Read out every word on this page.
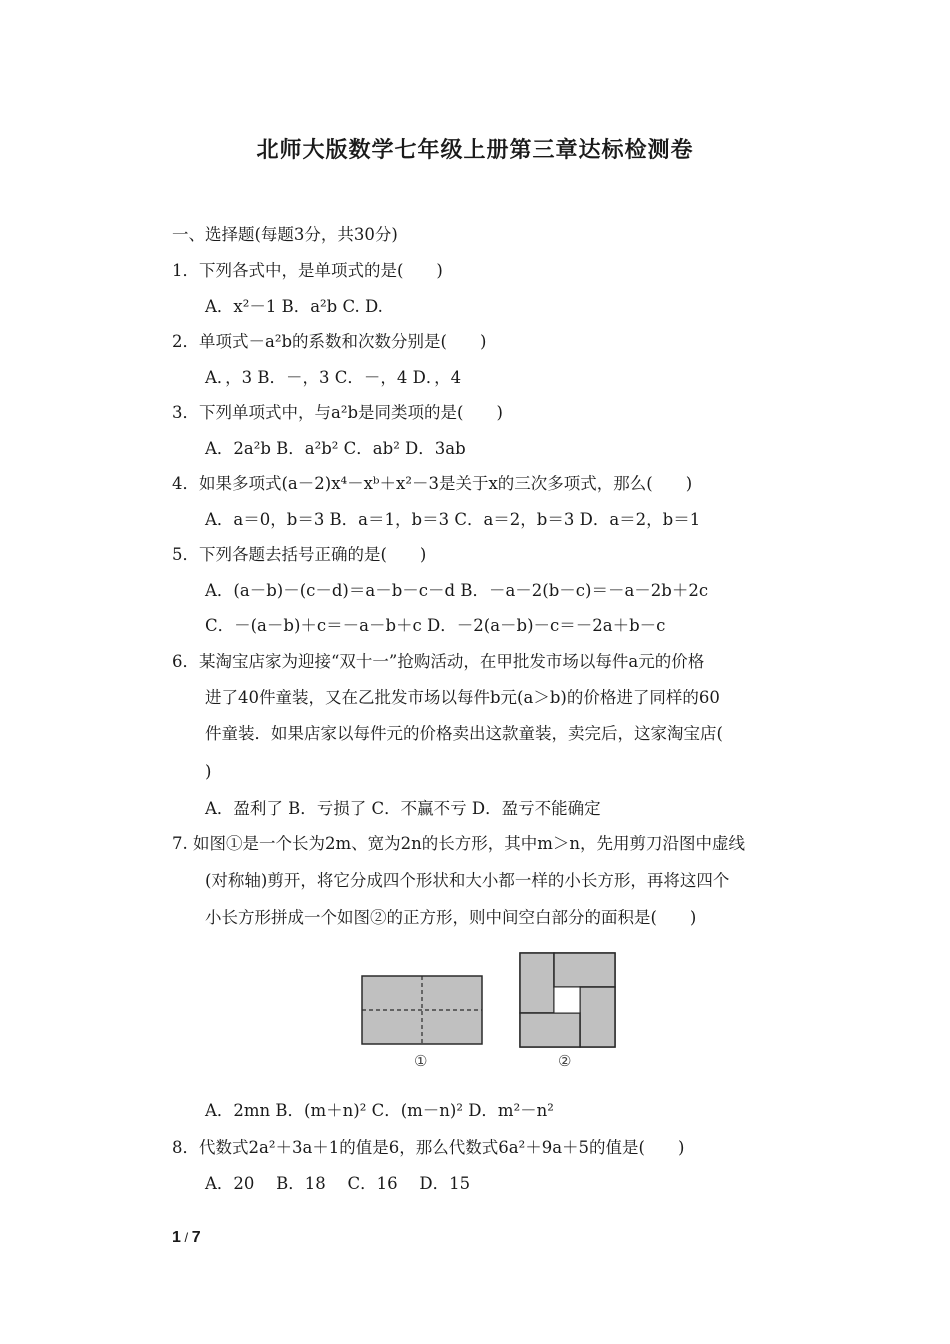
北师大版数学七年级上册第三章达标检测卷
一、选择题(每题3分，共30分)
1．下列各式中，是单项式的是(　　)
A．x²－1 B．a²b C. D.
2．单项式－a²b的系数和次数分别是(　　)
A．，3 B．－，3 C．－，4 D．，4
3．下列单项式中，与a²b是同类项的是(　　)
A．2a²b B．a²b² C．ab² D．3ab
4．如果多项式(a－2)x⁴－xᵇ＋x²－3是关于x的三次多项式，那么(　　)
A．a＝0，b＝3 B．a＝1，b＝3 C．a＝2，b＝3 D．a＝2，b＝1
5．下列各题去括号正确的是(　　)
A．(a－b)－(c－d)＝a－b－c－d B．－a－2(b－c)＝－a－2b＋2c
C．－(a－b)＋c＝－a－b＋c D．－2(a－b)－c＝－2a＋b－c
6．某淘宝店家为迎接“双十一”抢购活动，在甲批发市场以每件a元的价格
进了40件童装，又在乙批发市场以每件b元(a＞b)的价格进了同样的60
件童装．如果店家以每件元的价格卖出这款童装，卖完后，这家淘宝店(
)
A．盈利了 B．亏损了 C．不赢不亏 D．盈亏不能确定
7. 如图①是一个长为2m、宽为2n的长方形，其中m＞n，先用剪刀沿图中虚线
(对称轴)剪开，将它分成四个形状和大小都一样的小长方形，再将这四个
小长方形拼成一个如图②的正方形，则中间空白部分的面积是(　　)
①	②
A．2mn B．(m＋n)² C．(m－n)² D．m²－n²
8．代数式2a²＋3a＋1的值是6，那么代数式6a²＋9a＋5的值是(　　)
A．20　 B．18　 C．16　 D．15
1 / 7
